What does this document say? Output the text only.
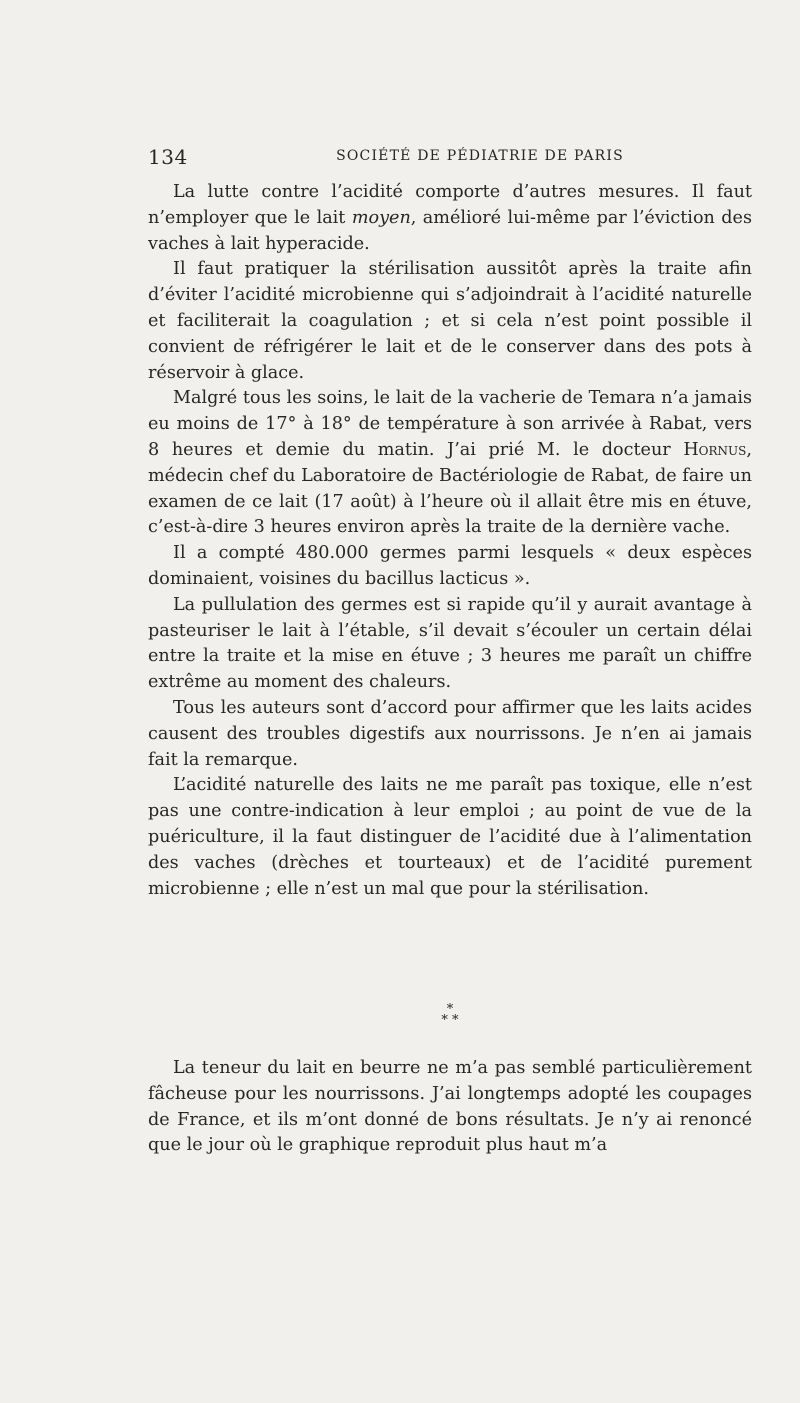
134	SOCIÉTÉ DE PÉDIATRIE DE PARIS

La lutte contre l’acidité comporte d’autres mesures. Il faut n’employer que le lait moyen, amélioré lui-même par l’éviction des vaches à lait hyperacide.

Il faut pratiquer la stérilisation aussitôt après la traite afin d’éviter l’acidité microbienne qui s’adjoindrait à l’acidité naturelle et faciliterait la coagulation ; et si cela n’est point possible il convient de réfrigérer le lait et de le conserver dans des pots à réservoir à glace.

Malgré tous les soins, le lait de la vacherie de Temara n’a jamais eu moins de 17° à 18° de température à son arrivée à Rabat, vers 8 heures et demie du matin. J’ai prié M. le docteur Hornus, médecin chef du Laboratoire de Bactériologie de Rabat, de faire un examen de ce lait (17 août) à l’heure où il allait être mis en étuve, c’est-à-dire 3 heures environ après la traite de la dernière vache.

Il a compté 480.000 germes parmi lesquels « deux espèces dominaient, voisines du bacillus lacticus ».

La pullulation des germes est si rapide qu’il y aurait avantage à pasteuriser le lait à l’étable, s’il devait s’écouler un certain délai entre la traite et la mise en étuve ; 3 heures me paraît un chiffre extrême au moment des chaleurs.

Tous les auteurs sont d’accord pour affirmer que les laits acides causent des troubles digestifs aux nourrissons. Je n’en ai jamais fait la remarque.

L’acidité naturelle des laits ne me paraît pas toxique, elle n’est pas une contre-indication à leur emploi ; au point de vue de la puériculture, il la faut distinguer de l’acidité due à l’alimentation des vaches (drèches et tourteaux) et de l’acidité purement microbienne ; elle n’est un mal que pour la stérilisation.

*
* *

La teneur du lait en beurre ne m’a pas semblé particulièrement fâcheuse pour les nourrissons. J’ai longtemps adopté les coupages de France, et ils m’ont donné de bons résultats. Je n’y ai renoncé que le jour où le graphique reproduit plus haut m’a
